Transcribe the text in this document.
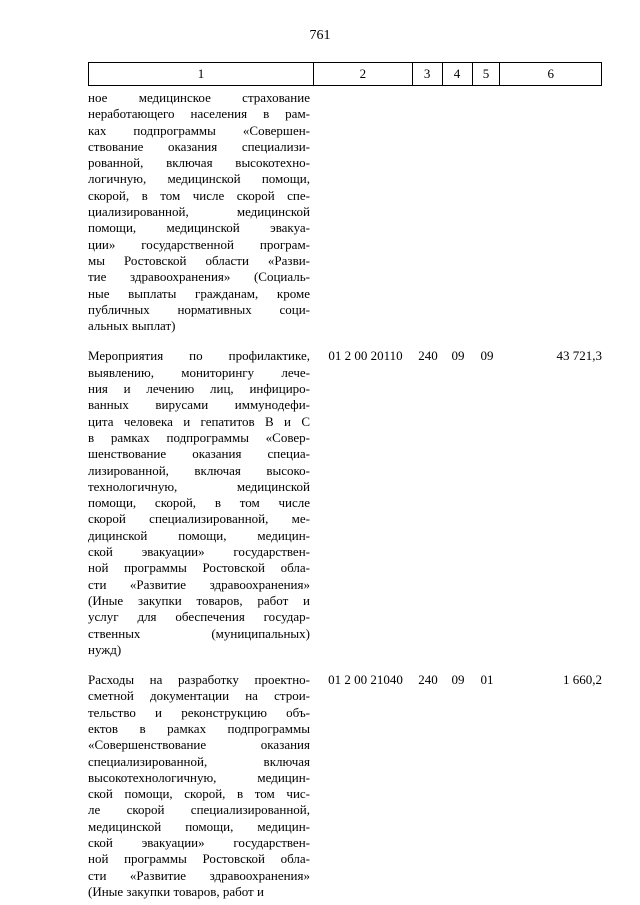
761
1	2	3	4	5	6
ное медицинское страхование
неработающего населения в рам-
ках подпрограммы «Совершен-
ствование оказания специализи-
рованной, включая высокотехно-
логичную, медицинской помощи,
скорой, в том числе скорой спе-
циализированной, медицинской
помощи, медицинской эвакуа-
ции» государственной програм-
мы Ростовской области «Разви-
тие здравоохранения» (Социаль-
ные выплаты гражданам, кроме
публичных нормативных соци-
альных выплат)
Мероприятия по профилактике,
выявлению, мониторингу лече-
ния и лечению лиц, инфициро-
ванных вирусами иммунодефи-
цита человека и гепатитов B и C
в рамках подпрограммы «Совер-
шенствование оказания специа-
лизированной, включая высоко-
технологичную, медицинской
помощи, скорой, в том числе
скорой специализированной, ме-
дицинской помощи, медицин-
ской эвакуации» государствен-
ной программы Ростовской обла-
сти «Развитие здравоохранения»
(Иные закупки товаров, работ и
услуг для обеспечения государ-
ственных (муниципальных)
нужд)
01 2 00 20110	240	09	09	43 721,3
Расходы на разработку проектно-
сметной документации на строи-
тельство и реконструкцию объ-
ектов в рамках подпрограммы
«Совершенствование оказания
специализированной, включая
высокотехнологичную, медицин-
ской помощи, скорой, в том чис-
ле скорой специализированной,
медицинской помощи, медицин-
ской эвакуации» государствен-
ной программы Ростовской обла-
сти «Развитие здравоохранения»
(Иные закупки товаров, работ и
01 2 00 21040	240	09	01	1 660,2
